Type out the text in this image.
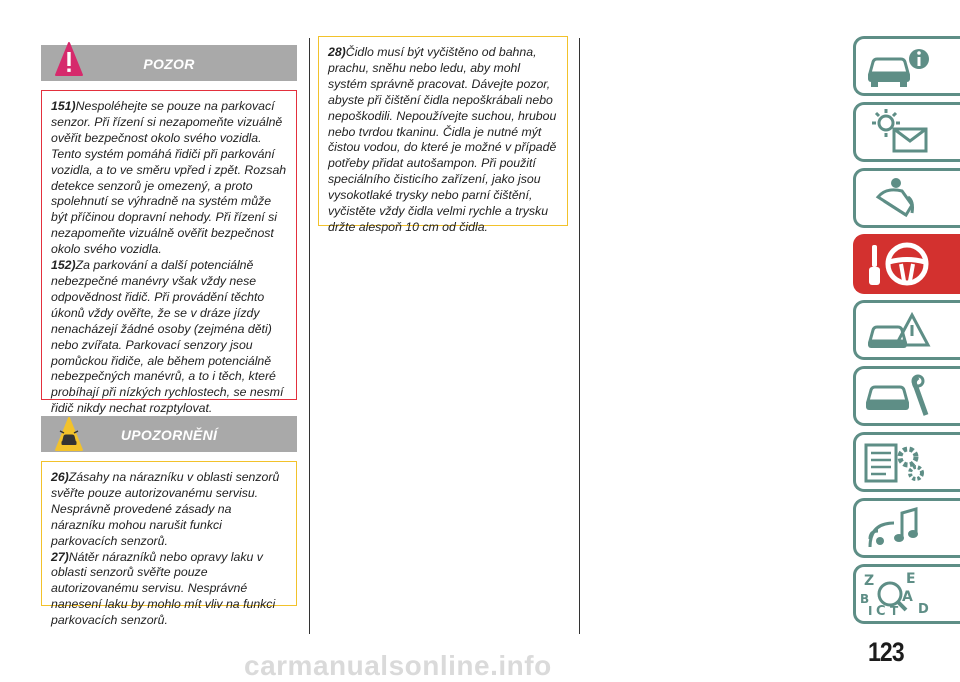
POZOR

151)Nespoléhejte se pouze na parkovací senzor. Při řízení si nezapomeňte vizuálně ověřit bezpečnost okolo svého vozidla. Tento systém pomáhá řidiči při parkování vozidla, a to ve směru vpřed i zpět. Rozsah detekce senzorů je omezený, a proto spolehnutí se výhradně na systém může být příčinou dopravní nehody. Při řízení si nezapomeňte vizuálně ověřit bezpečnost okolo svého vozidla.

152)Za parkování a další potenciálně nebezpečné manévry však vždy nese odpovědnost řidič. Při provádění těchto úkonů vždy ověřte, že se v dráze jízdy nenacházejí žádné osoby (zejména děti) nebo zvířata. Parkovací senzory jsou pomůckou řidiče, ale během potenciálně nebezpečných manévrů, a to i těch, které probíhají při nízkých rychlostech, se nesmí řidič nikdy nechat rozptylovat.

UPOZORNĚNÍ

26)Zásahy na nárazníku v oblasti senzorů svěřte pouze autorizovanému servisu. Nesprávně provedené zásady na nárazníku mohou narušit funkci parkovacích senzorů.

27)Nátěr nárazníků nebo opravy laku v oblasti senzorů svěřte pouze autorizovanému servisu. Nesprávné nanesení laku by mohlo mít vliv na funkci parkovacích senzorů.

28)Čidlo musí být vyčištěno od bahna, prachu, sněhu nebo ledu, aby mohl systém správně pracovat. Dávejte pozor, abyste při čištění čidla nepoškrábali nebo nepoškodili. Nepoužívejte suchou, hrubou nebo tvrdou tkaninu. Čidla je nutné mýt čistou vodou, do které je možné v případě potřeby přidat autošampon. Při použití speciálního čisticího zařízení, jako jsou vysokotlaké trysky nebo parní čištění, vyčistěte vždy čidla velmi rychle a trysku držte alespoň 10 cm od čidla.

Z E
B
C D
I T
A
123
carmanualsonline.info
